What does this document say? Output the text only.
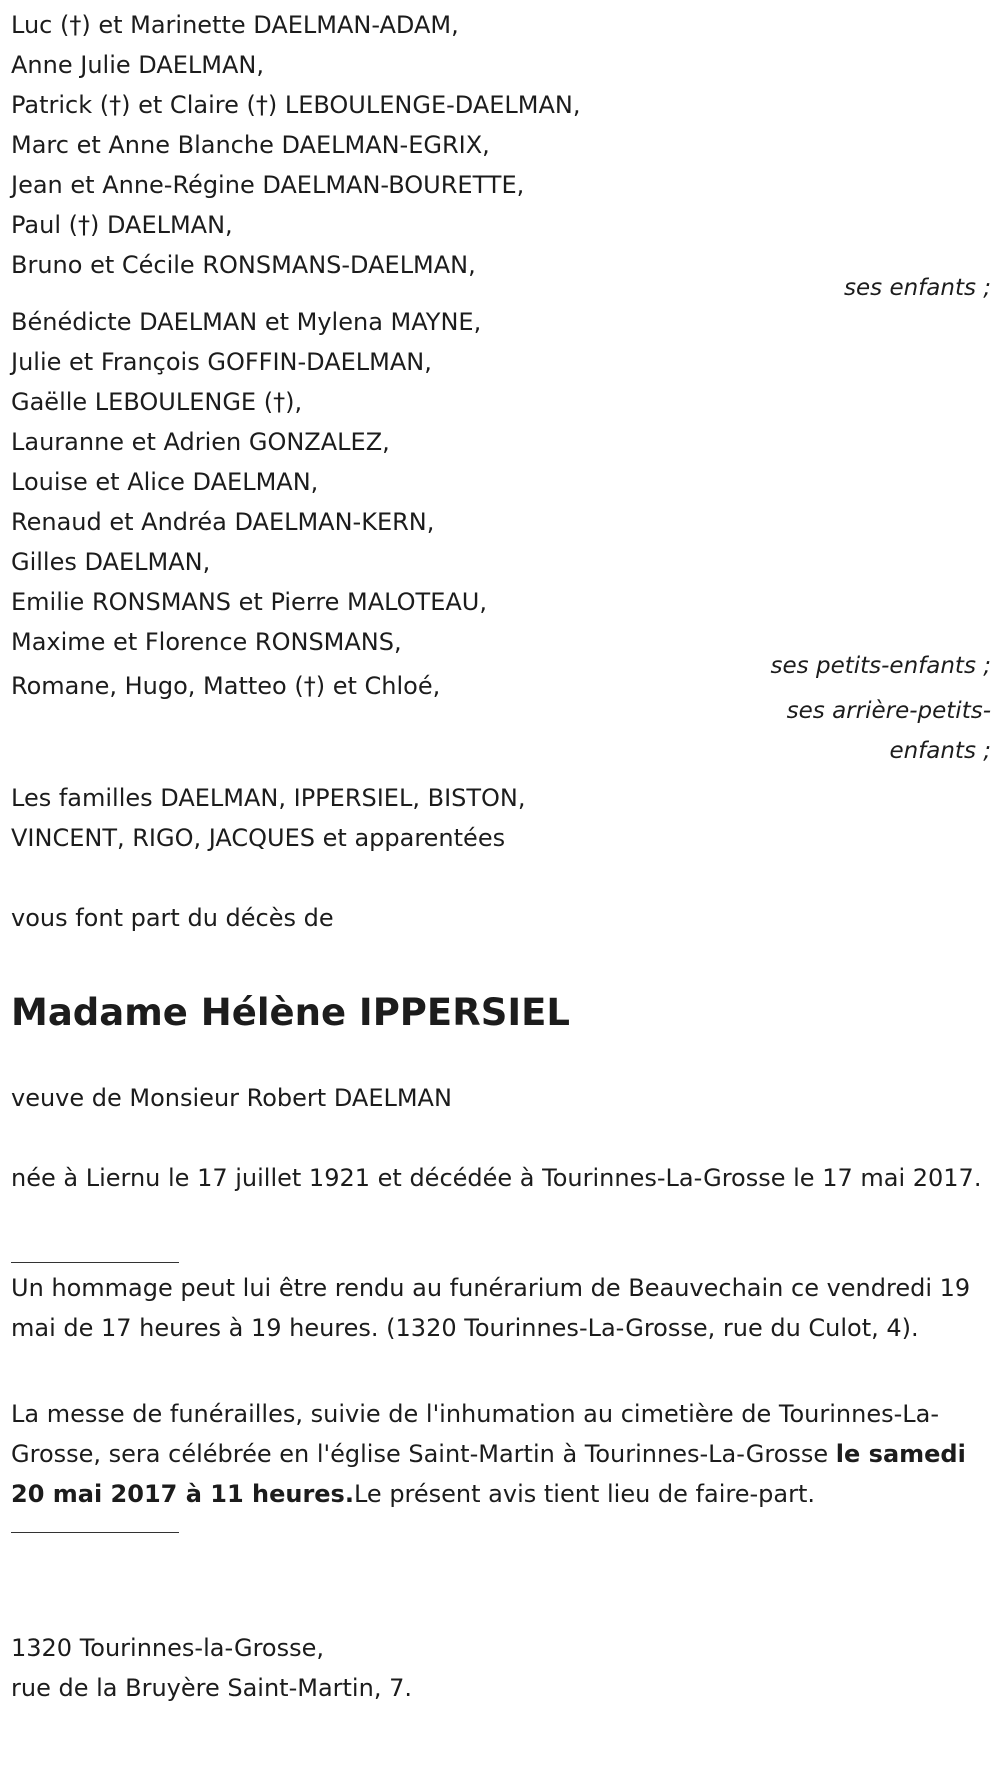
Luc (†) et Marinette DAELMAN-ADAM,
Anne Julie DAELMAN,
Patrick (†) et Claire (†) LEBOULENGE-DAELMAN,
Marc et Anne Blanche DAELMAN-EGRIX,
Jean et Anne-Régine DAELMAN-BOURETTE,
Paul (†) DAELMAN,
Bruno et Cécile RONSMANS-DAELMAN,
ses enfants ;
Bénédicte DAELMAN et Mylena MAYNE,
Julie et François GOFFIN-DAELMAN,
Gaëlle LEBOULENGE (†),
Lauranne et Adrien GONZALEZ,
Louise et Alice DAELMAN,
Renaud et Andréa DAELMAN-KERN,
Gilles DAELMAN,
Emilie RONSMANS et Pierre MALOTEAU,
Maxime et Florence RONSMANS,
ses petits-enfants ;
Romane, Hugo, Matteo (†) et Chloé,
ses arrière-petits-
enfants ;
Les familles DAELMAN, IPPERSIEL, BISTON,
VINCENT, RIGO, JACQUES et apparentées
vous font part du décès de
Madame Hélène IPPERSIEL
veuve de Monsieur Robert DAELMAN
née à Liernu le 17 juillet 1921 et décédée à Tourinnes-La-Grosse le 17 mai 2017.
Un hommage peut lui être rendu au funérarium de Beauvechain ce vendredi 19 mai de 17 heures à 19 heures. (1320 Tourinnes-La-Grosse, rue du Culot, 4).
La messe de funérailles, suivie de l'inhumation au cimetière de Tourinnes-La-Grosse, sera célébrée en l'église Saint-Martin à Tourinnes-La-Grosse le samedi 20 mai 2017 à 11 heures.Le présent avis tient lieu de faire-part.
1320 Tourinnes-la-Grosse,
rue de la Bruyère Saint-Martin, 7.
